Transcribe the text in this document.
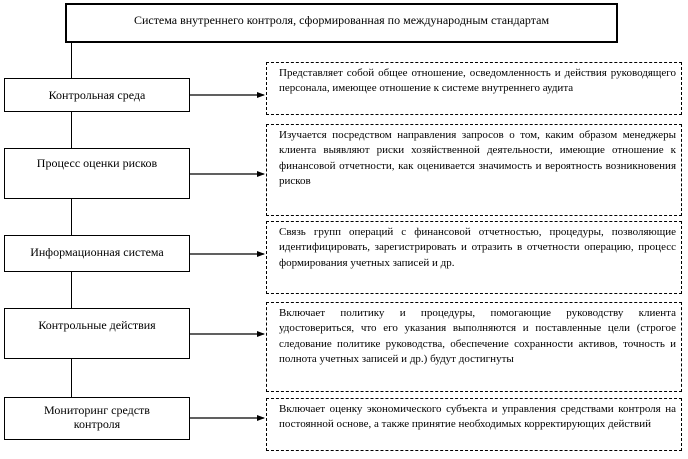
Система внутреннего контроля, сформированная по международным стандартам
Контрольная среда
Процесс оценки рисков
Информационная система
Контрольные действия
Мониторинг средств контроля
Представляет собой общее отношение, осведомленность и действия руководящего персонала, имеющее отношение к системе внутреннего аудита
Изучается посредством направления запросов о том, каким образом менеджеры клиента выявляют риски хозяйственной деятельности, имеющие отношение к финансовой отчетности, как оценивается значимость и вероятность возникновения рисков
Связь групп операций с финансовой отчетностью, процедуры, позволяющие идентифицировать, зарегистрировать и отразить в отчетности операцию, процесс формирования учетных записей и др.
Включает политику и процедуры, помогающие руководству клиента удостовериться, что его указания выполняются и поставленные цели (строгое следование политике руководства, обеспечение сохранности активов, точность и полнота учетных записей и др.) будут достигнуты
Включает оценку экономического субъекта и управления средствами контроля на постоянной основе, а также принятие необходимых корректирующих действий
